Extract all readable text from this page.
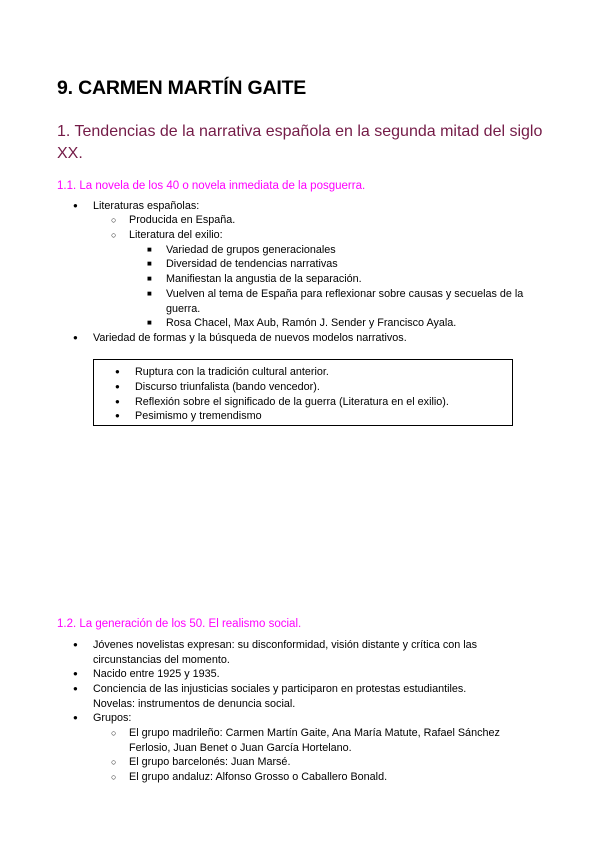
9. CARMEN MARTÍN GAITE
1. Tendencias de la narrativa española en la segunda mitad del siglo XX.
1.1. La novela de los 40 o novela inmediata de la posguerra.
● Literaturas españolas:
○ Producida en España.
○ Literatura del exilio:
■ Variedad de grupos generacionales
■ Diversidad de tendencias narrativas
■ Manifiestan la angustia de la separación.
■ Vuelven al tema de España para reflexionar sobre causas y secuelas de la guerra.
■ Rosa Chacel, Max Aub, Ramón J. Sender y Francisco Ayala.
● Variedad de formas y la búsqueda de nuevos modelos narrativos.
● Ruptura con la tradición cultural anterior.
● Discurso triunfalista (bando vencedor).
● Reflexión sobre el significado de la guerra (Literatura en el exilio).
● Pesimismo y tremendismo
1.2. La generación de los 50. El realismo social.
● Jóvenes novelistas expresan: su disconformidad, visión distante y crítica con las circunstancias del momento.
● Nacido entre 1925 y 1935.
● Conciencia de las injusticias sociales y participaron en protestas estudiantiles. Novelas: instrumentos de denuncia social.
● Grupos:
○ El grupo madrileño: Carmen Martín Gaite, Ana María Matute, Rafael Sánchez Ferlosio, Juan Benet o Juan García Hortelano.
○ El grupo barcelonés: Juan Marsé.
○ El grupo andaluz: Alfonso Grosso o Caballero Bonald.
